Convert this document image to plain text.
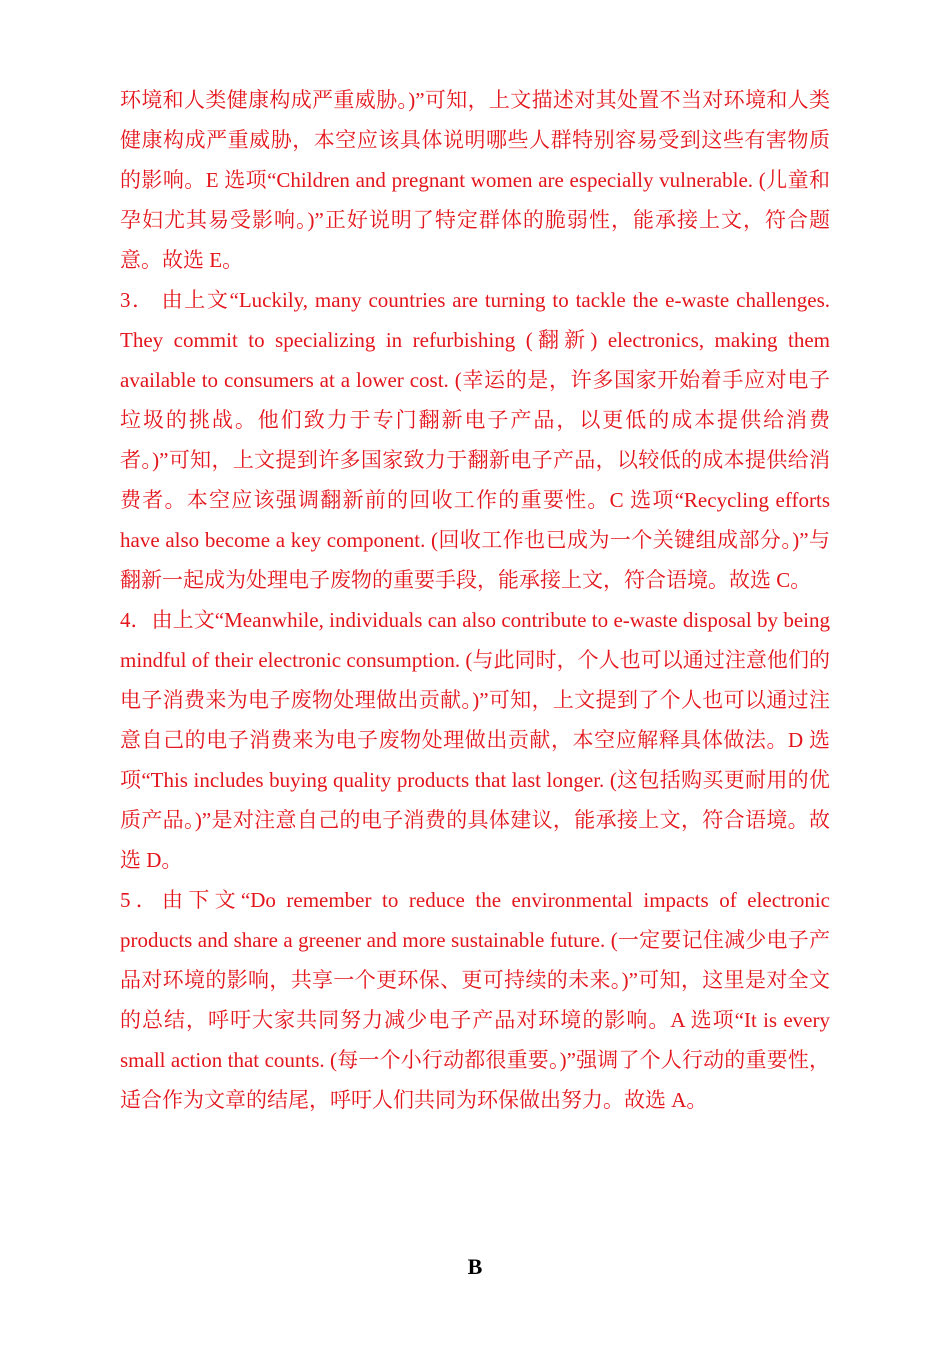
环境和人类健康构成严重威胁。)”可知，上文描述对其处置不当对环境和人类健康构成严重威胁，本空应该具体说明哪些人群特别容易受到这些有害物质的影响。E 选项“Children and pregnant women are especially vulnerable. (儿童和孕妇尤其易受影响。)”正好说明了特定群体的脆弱性，能承接上文，符合题意。故选 E。

3． 由上文“Luckily, many countries are turning to tackle the e-waste challenges. They commit to specializing in refurbishing (翻新) electronics, making them available to consumers at a lower cost. (幸运的是，许多国家开始着手应对电子垃圾的挑战。他们致力于专门翻新电子产品，以更低的成本提供给消费者。)”可知，上文提到许多国家致力于翻新电子产品，以较低的成本提供给消费者。本空应该强调翻新前的回收工作的重要性。C 选项“Recycling efforts have also become a key component. (回收工作也已成为一个关键组成部分。)”与翻新一起成为处理电子废物的重要手段，能承接上文，符合语境。故选 C。

4．由上文“Meanwhile, individuals can also contribute to e-waste disposal by being mindful of their electronic consumption. (与此同时，个人也可以通过注意他们的电子消费来为电子废物处理做出贡献。)”可知，上文提到了个人也可以通过注意自己的电子消费来为电子废物处理做出贡献，本空应解释具体做法。D 选项“This includes buying quality products that last longer. (这包括购买更耐用的优质产品。)”是对注意自己的电子消费的具体建议，能承接上文，符合语境。故选 D。

5．由下文“Do remember to reduce the environmental impacts of electronic products and share a greener and more sustainable future. (一定要记住减少电子产品对环境的影响，共享一个更环保、更可持续的未来。)”可知，这里是对全文的总结，呼吁大家共同努力减少电子产品对环境的影响。A 选项“It is every small action that counts. (每一个小行动都很重要。)”强调了个人行动的重要性，适合作为文章的结尾，呼吁人们共同为环保做出努力。故选 A。

B
